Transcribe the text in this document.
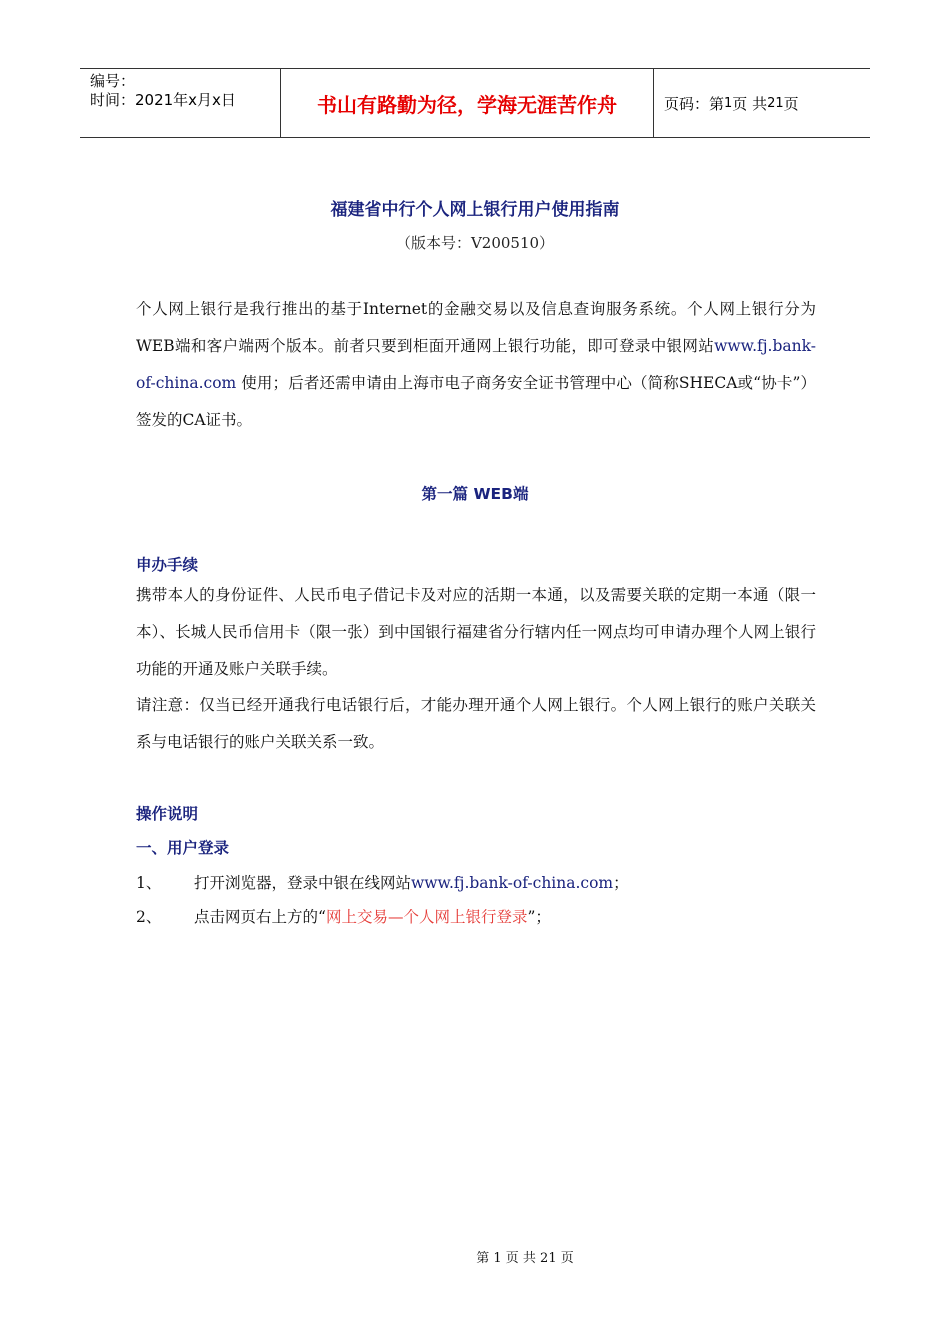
编号：
时间：2021年x月x日	书山有路勤为径，学海无涯苦作舟	页码：第 1 页 共 21 页
福建省中行个人网上银行用户使用指南
（版本号：V200510）
个人网上银行是我行推出的基于Internet的金融交易以及信息查询服务系统。个人网上银行分为WEB端和客户端两个版本。前者只要到柜面开通网上银行功能，即可登录中银网站www.fj.bank-of-china.com 使用；后者还需申请由上海市电子商务安全证书管理中心（简称SHECA或“协卡”）签发的CA证书。
第一篇 WEB端
申办手续
携带本人的身份证件、人民币电子借记卡及对应的活期一本通，以及需要关联的定期一本通（限一本）、长城人民币信用卡（限一张）到中国银行福建省分行辖内任一网点均可申请办理个人网上银行功能的开通及账户关联手续。
请注意：仅当已经开通我行电话银行后，才能办理开通个人网上银行。个人网上银行的账户关联关系与电话银行的账户关联关系一致。
操作说明
一、用户登录
1、 打开浏览器，登录中银在线网站www.fj.bank-of-china.com；
2、 点击网页右上方的“网上交易—个人网上银行登录”；
第 1 页 共 21 页
